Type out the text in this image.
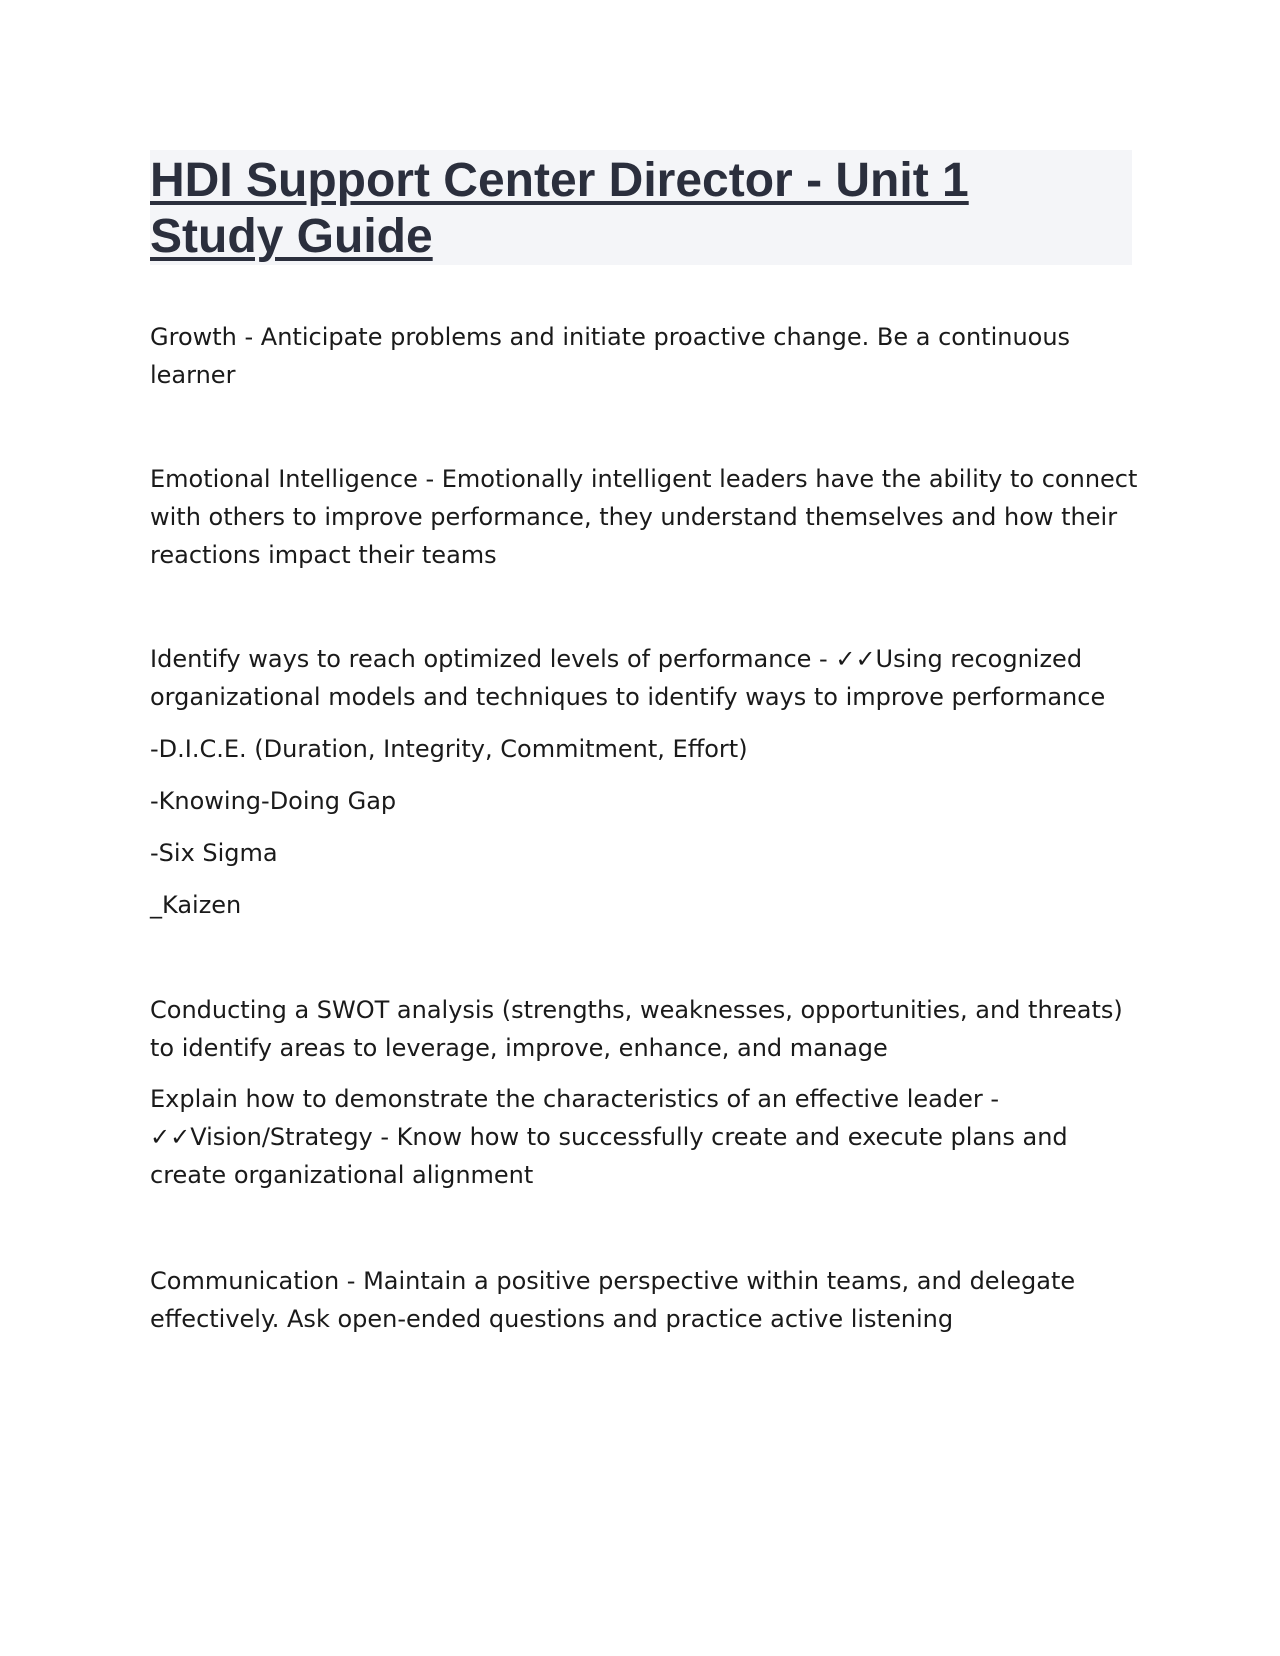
HDI Support Center Director - Unit 1 Study Guide

Growth - Anticipate problems and initiate proactive change. Be a continuous learner

Emotional Intelligence - Emotionally intelligent leaders have the ability to connect with others to improve performance, they understand themselves and how their reactions impact their teams

Identify ways to reach optimized levels of performance - ✓✓Using recognized organizational models and techniques to identify ways to improve performance

-D.I.C.E. (Duration, Integrity, Commitment, Effort)

-Knowing-Doing Gap

-Six Sigma

_Kaizen

Conducting a SWOT analysis (strengths, weaknesses, opportunities, and threats) to identify areas to leverage, improve, enhance, and manage

Explain how to demonstrate the characteristics of an effective leader -
✓✓Vision/Strategy - Know how to successfully create and execute plans and create organizational alignment

Communication - Maintain a positive perspective within teams, and delegate effectively. Ask open-ended questions and practice active listening
